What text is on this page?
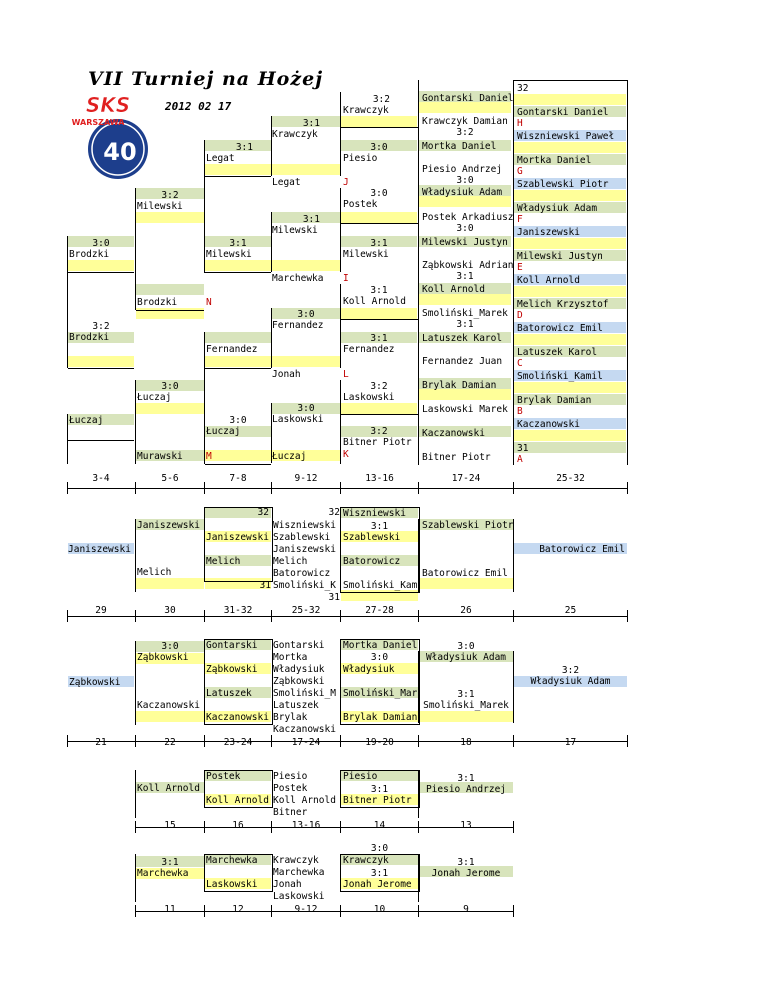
VII Turniej na Hożej
2012 02 17
40
SKS
WARSZAWA
3:2
Krawczyk
3:1
Krawczyk
3:1
Legat
3:0
Piesio
Legat	J
3:0
Postek
3:2
Milewski
3:1
Milewski
3:0
Brodzki
3:1
Milewski
3:1
Milewski
Marchewka I
3:1
Koll Arnold
Brodzki	N
3:0
Fernandez
3:2
Brodzki	3:1
Fernandez
Fernandez
Jonah	L
3:0
Łuczaj
3:2
Laskowski
3:0
Laskowski
Łuczaj	3:0
Łuczaj	3:2
Bitner Piotr
K
Murawski M	Łuczaj
Gontarski Daniel
Krawczyk Damian
3:2
Mortka Daniel
Piesio Andrzej
3:0
Władysiuk Adam
Postek Arkadiusz
3:0
Milewski Justyn
Ząbkowski Adrian
3:1
Koll Arnold
Smoliński_Marek
3:1
Latuszek Karol
Fernandez Juan
Brylak Damian
Laskowski Marek
Kaczanowski
Bitner Piotr
32
Gontarski Daniel
H
Wiszniewski Paweł
Mortka Daniel
G
Szablewski Piotr
Władysiuk Adam
F
Janiszewski
Milewski Justyn
E
Koll Arnold
Melich Krzysztof
D
Batorowicz Emil
Latuszek Karol
C
Smoliński_Kamil
Brylak Damian
B
Kaczanowski
31
A
3-4	5-6	7-8	9-12	13-16	17-24	25-32
Janiszewski
Janiszewski
Melich
32
Janiszewski
Melich
32
Wiszniewski
Szablewski
Janiszewski
Melich
Batorowicz
31 Smoliński_K
31
Wiszniewski
3:1
Szablewski
Batorowicz
Smoliński_Kam
Szablewski Piotr
Batorowicz Emil
Batorowicz Emil
29	30	31-32	25-32	27-28	26	25
3:0
Ząbkowski
Ząbkowski
Kaczanowski
Gontarski
Ząbkowski
Latuszek
Kaczanowski
Gontarski
Mortka
Władysiuk
Ząbkowski
Smoliński_M
Latuszek
Brylak
Kaczanowski
Mortka Daniel
3:0
Władysiuk
Smoliński_Mar
Brylak Damian
3:0
Władysiuk Adam
3:1
Smoliński_Marek
3:2
Władysiuk Adam
21	22	23-24	17-24	19-20	18	17
Koll Arnold
Postek
Koll Arnold
Piesio
Postek
Koll Arnold
Bitner
Piesio
3:1
Bitner Piotr
3:1
Piesio Andrzej
15	16	13-16	14	13
3:1
Marchewka
Marchewka
Laskowski
Krawczyk
Marchewka
Jonah
Laskowski
3:0
Krawczyk
3:1
Jonah Jerome
3:1
Jonah Jerome
11	12	9-12	10	9
